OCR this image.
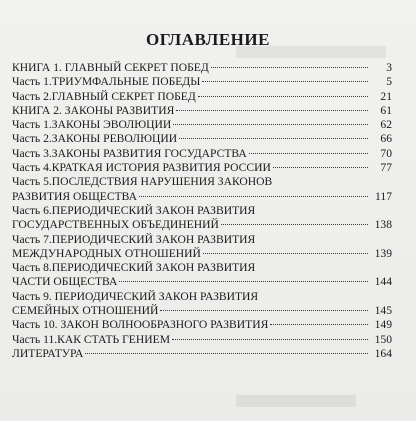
ОГЛАВЛЕНИЕ
КНИГА 1. ГЛАВНЫЙ СЕКРЕТ ПОБЕД	3
Часть 1.ТРИУМФАЛЬНЫЕ ПОБЕДЫ	5
Часть 2.ГЛАВНЫЙ СЕКРЕТ ПОБЕД	21
КНИГА 2. ЗАКОНЫ РАЗВИТИЯ	61
Часть 1.ЗАКОНЫ ЭВОЛЮЦИИ	62
Часть 2.ЗАКОНЫ РЕВОЛЮЦИИ	66
Часть 3.ЗАКОНЫ РАЗВИТИЯ ГОСУДАРСТВА	70
Часть 4.КРАТКАЯ ИСТОРИЯ РАЗВИТИЯ РОССИИ	77
Часть 5.ПОСЛЕДСТВИЯ НАРУШЕНИЯ ЗАКОНОВ
РАЗВИТИЯ ОБЩЕСТВА	117
Часть 6.ПЕРИОДИЧЕСКИЙ ЗАКОН РАЗВИТИЯ
ГОСУДАРСТВЕННЫХ ОБЪЕДИНЕНИЙ	138
Часть 7.ПЕРИОДИЧЕСКИЙ ЗАКОН РАЗВИТИЯ
МЕЖДУНАРОДНЫХ ОТНОШЕНИЙ	139
Часть 8.ПЕРИОДИЧЕСКИЙ ЗАКОН РАЗВИТИЯ
ЧАСТИ ОБЩЕСТВА	144
Часть 9. ПЕРИОДИЧЕСКИЙ ЗАКОН РАЗВИТИЯ
СЕМЕЙНЫХ ОТНОШЕНИЙ	145
Часть 10. ЗАКОН ВОЛНООБРАЗНОГО РАЗВИТИЯ	149
Часть 11.КАК СТАТЬ ГЕНИЕМ	150
ЛИТЕРАТУРА	164
